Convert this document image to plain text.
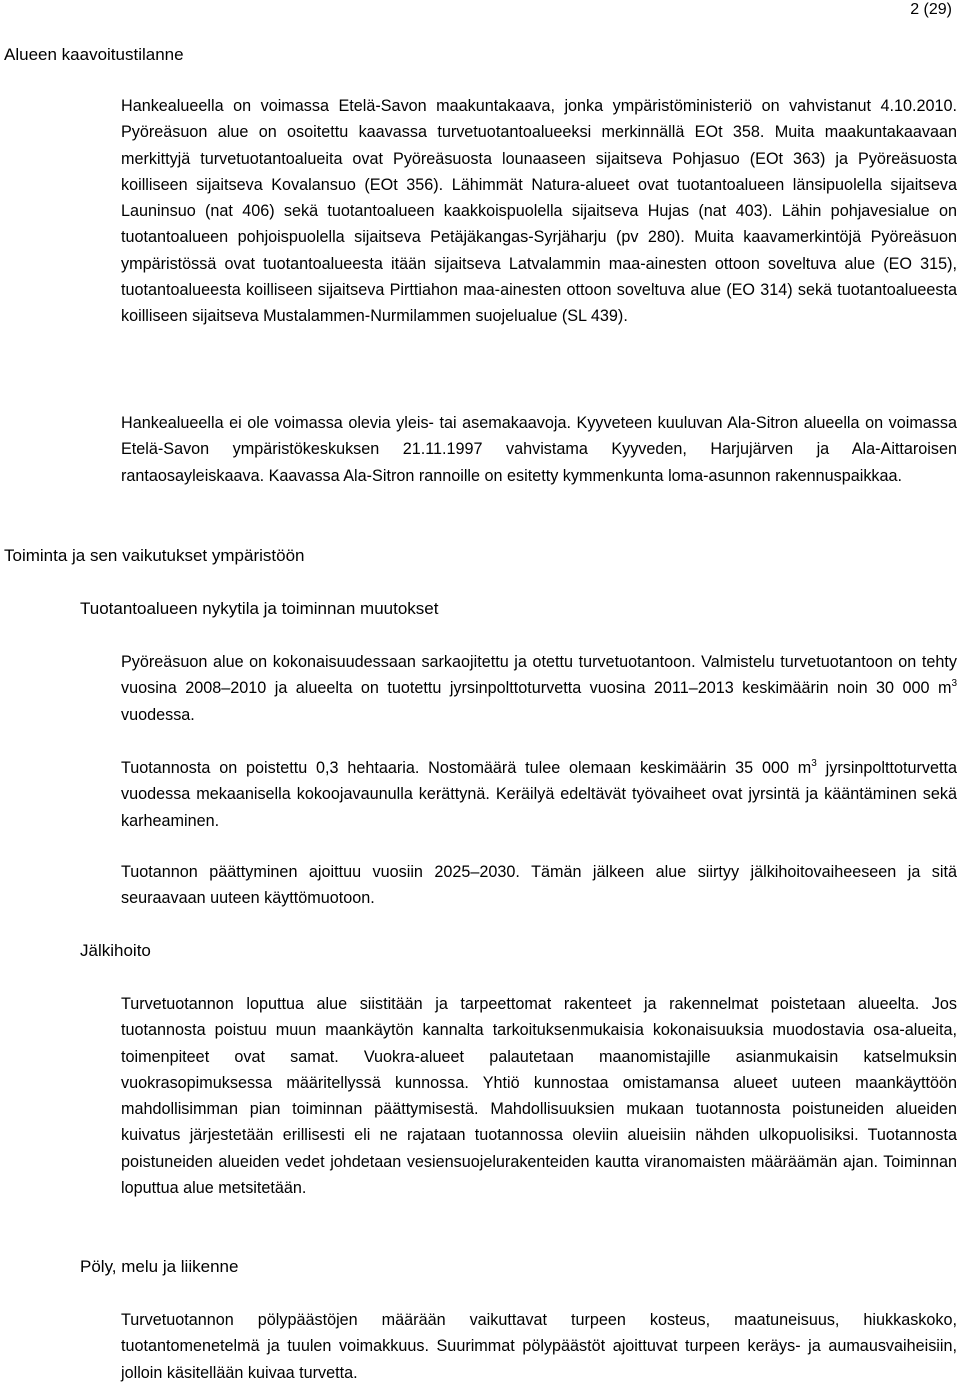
2 (29)
Alueen kaavoitustilanne

Hankealueella on voimassa Etelä-Savon maakuntakaava, jonka ympäristöministeriö on vahvistanut 4.10.2010. Pyöreäsuon alue on osoitettu kaavassa turvetuotantoalueeksi merkinnällä EOt 358. Muita maakuntakaavaan merkittyjä turvetuotantoalueita ovat Pyöreäsuosta lounaaseen sijaitseva Pohjasuo (EOt 363) ja Pyöreäsuosta koilliseen sijaitseva Kovalansuo (EOt 356). Lähimmät Natura-alueet ovat tuotantoalueen länsipuolella sijaitseva Launinsuo (nat 406) sekä tuotantoalueen kaakkoispuolella sijaitseva Hujas (nat 403). Lähin pohjavesialue on tuotantoalueen pohjoispuolella sijaitseva Petäjäkangas-Syrjäharju (pv 280). Muita kaavamerkintöjä Pyöreäsuon ympäristössä ovat tuotantoalueesta itään sijaitseva Latvalammin maa-ainesten ottoon soveltuva alue (EO 315), tuotantoalueesta koilliseen sijaitseva Pirttiahon maa-ainesten ottoon soveltuva alue (EO 314) sekä tuotantoalueesta koilliseen sijaitseva Mustalammen-Nurmilammen suojelualue (SL 439).

Hankealueella ei ole voimassa olevia yleis- tai asemakaavoja. Kyyveteen kuuluvan Ala-Sitron alueella on voimassa Etelä-Savon ympäristökeskuksen 21.11.1997 vahvistama Kyyveden, Harjujärven ja Ala-Aittaroisen rantaosayleiskaava. Kaavassa Ala-Sitron rannoille on esitetty kymmenkunta loma-asunnon rakennuspaikkaa.

Toiminta ja sen vaikutukset ympäristöön
Tuotantoalueen nykytila ja toiminnan muutokset

Pyöreäsuon alue on kokonaisuudessaan sarkaojitettu ja otettu turvetuotantoon. Valmistelu turvetuotantoon on tehty vuosina 2008–2010 ja alueelta on tuotettu jyrsinpolttoturvetta vuosina 2011–2013 keskimäärin noin 30 000 $m^3$ vuodessa.

Tuotannosta on poistettu 0,3 hehtaaria. Nostomäärä tulee olemaan keskimäärin 35 000 $m^3$ jyrsinpolttoturvetta vuodessa mekaanisella kokoojavaunulla kerättynä. Keräilyä edeltävät työvaiheet ovat jyrsintä ja kääntäminen sekä karheaminen.

Tuotannon päättyminen ajoittuu vuosiin 2025–2030. Tämän jälkeen alue siirtyy jälkihoitovaiheeseen ja sitä seuraavaan uuteen käyttömuotoon.

Jälkihoito

Turvetuotannon loputtua alue siistitään ja tarpeettomat rakenteet ja rakennelmat poistetaan alueelta. Jos tuotannosta poistuu muun maankäytön kannalta tarkoituksenmukaisia kokonaisuuksia muodostavia osa-alueita, toimenpiteet ovat samat. Vuokra-alueet palautetaan maanomistajille asianmukaisin katselmuksin vuokrasopimuksessa määritellyssä kunnossa. Yhtiö kunnostaa omistamansa alueet uuteen maankäyttöön mahdollisimman pian toiminnan päättymisestä. Mahdollisuuksien mukaan tuotannosta poistuneiden alueiden kuivatus järjestetään erillisesti eli ne rajataan tuotannossa oleviin alueisiin nähden ulkopuolisiksi. Tuotannosta poistuneiden alueiden vedet johdetaan vesiensuojelurakenteiden kautta viranomaisten määräämän ajan. Toiminnan loputtua alue metsitetään.

Pöly, melu ja liikenne

Turvetuotannon pölypäästöjen määrään vaikuttavat turpeen kosteus, maatuneisuus, hiukkaskoko, tuotantomenetelmä ja tuulen voimakkuus. Suurimmat pölypäästöt ajoittuvat turpeen keräys- ja aumausvaiheisiin, jolloin käsitellään kuivaa turvetta.
